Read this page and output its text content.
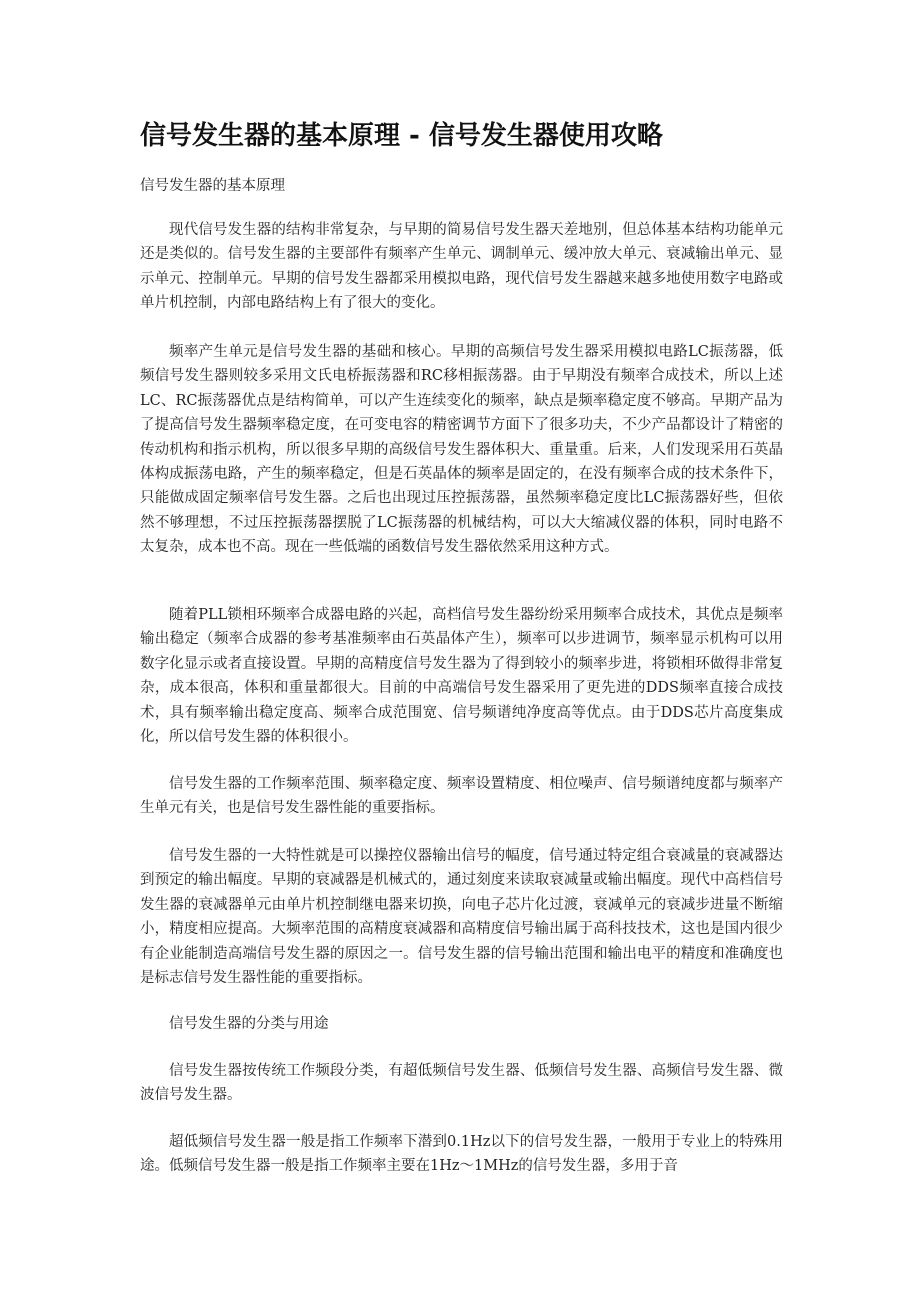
信号发生器的基本原理 - 信号发生器使用攻略

信号发生器的基本原理

现代信号发生器的结构非常复杂，与早期的简易信号发生器天差地别，但总体基本结构功能单元还是类似的。信号发生器的主要部件有频率产生单元、调制单元、缓冲放大单元、衰减输出单元、显示单元、控制单元。早期的信号发生器都采用模拟电路，现代信号发生器越来越多地使用数字电路或单片机控制，内部电路结构上有了很大的变化。

频率产生单元是信号发生器的基础和核心。早期的高频信号发生器采用模拟电路LC振荡器，低频信号发生器则较多采用文氏电桥振荡器和RC移相振荡器。由于早期没有频率合成技术，所以上述LC、RC振荡器优点是结构简单，可以产生连续变化的频率，缺点是频率稳定度不够高。早期产品为了提高信号发生器频率稳定度，在可变电容的精密调节方面下了很多功夫，不少产品都设计了精密的传动机构和指示机构，所以很多早期的高级信号发生器体积大、重量重。后来，人们发现采用石英晶体构成振荡电路，产生的频率稳定，但是石英晶体的频率是固定的，在没有频率合成的技术条件下，只能做成固定频率信号发生器。之后也出现过压控振荡器，虽然频率稳定度比LC振荡器好些，但依然不够理想，不过压控振荡器摆脱了LC振荡器的机械结构，可以大大缩减仪器的体积，同时电路不太复杂，成本也不高。现在一些低端的函数信号发生器依然采用这种方式。

随着PLL锁相环频率合成器电路的兴起，高档信号发生器纷纷采用频率合成技术，其优点是频率输出稳定（频率合成器的参考基准频率由石英晶体产生），频率可以步进调节，频率显示机构可以用数字化显示或者直接设置。早期的高精度信号发生器为了得到较小的频率步进，将锁相环做得非常复杂，成本很高，体积和重量都很大。目前的中高端信号发生器采用了更先进的DDS频率直接合成技术，具有频率输出稳定度高、频率合成范围宽、信号频谱纯净度高等优点。由于DDS芯片高度集成化，所以信号发生器的体积很小。

信号发生器的工作频率范围、频率稳定度、频率设置精度、相位噪声、信号频谱纯度都与频率产生单元有关，也是信号发生器性能的重要指标。

信号发生器的一大特性就是可以操控仪器输出信号的幅度，信号通过特定组合衰减量的衰减器达到预定的输出幅度。早期的衰减器是机械式的，通过刻度来读取衰减量或输出幅度。现代中高档信号发生器的衰减器单元由单片机控制继电器来切换，向电子芯片化过渡，衰减单元的衰减步进量不断缩小，精度相应提高。大频率范围的高精度衰减器和高精度信号输出属于高科技技术，这也是国内很少有企业能制造高端信号发生器的原因之一。信号发生器的信号输出范围和输出电平的精度和准确度也是标志信号发生器性能的重要指标。

信号发生器的分类与用途

信号发生器按传统工作频段分类，有超低频信号发生器、低频信号发生器、高频信号发生器、微波信号发生器。

超低频信号发生器一般是指工作频率下潜到0.1Hz以下的信号发生器，一般用于专业上的特殊用途。低频信号发生器一般是指工作频率主要在1Hz～1MHz的信号发生器，多用于音
